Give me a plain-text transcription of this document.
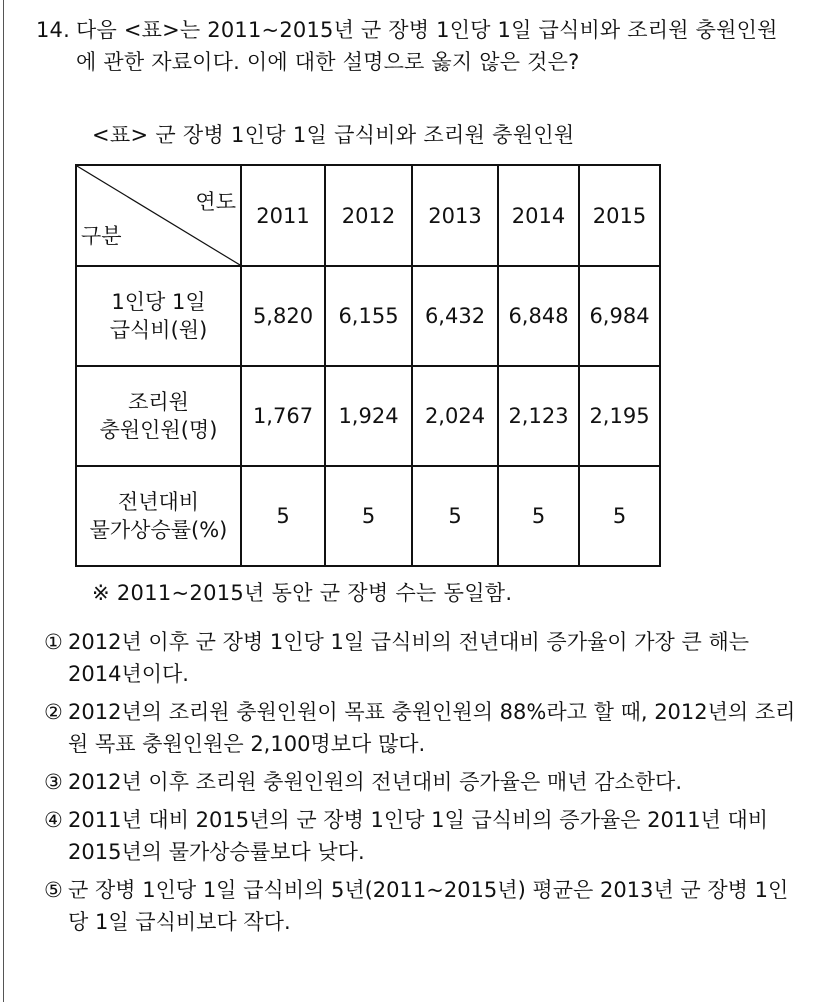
14. 다음 <표>는 2011~2015년 군 장병 1인당 1일 급식비와 조리원 충원인원에 관한 자료이다. 이에 대한 설명으로 옳지 않은 것은?
<표> 군 장병 1인당 1일 급식비와 조리원 충원인원
연도
구분	2011	2012	2013	2014	2015

1인당 1일
급식비(원)	5,820	6,155	6,432	6,848	6,984

조리원
충원인원(명)	1,767	1,924	2,024	2,123	2,195

전년대비
물가상승률(%)	5	5	5	5	5
※ 2011~2015년 동안 군 장병 수는 동일함.
① 2012년 이후 군 장병 1인당 1일 급식비의 전년대비 증가율이 가장 큰 해는 2014년이다.
② 2012년의 조리원 충원인원이 목표 충원인원의 88%라고 할 때, 2012년의 조리원 목표 충원인원은 2,100명보다 많다.
③ 2012년 이후 조리원 충원인원의 전년대비 증가율은 매년 감소한다.
④ 2011년 대비 2015년의 군 장병 1인당 1일 급식비의 증가율은 2011년 대비 2015년의 물가상승률보다 낮다.
⑤ 군 장병 1인당 1일 급식비의 5년(2011~2015년) 평균은 2013년 군 장병 1인당 1일 급식비보다 작다.
